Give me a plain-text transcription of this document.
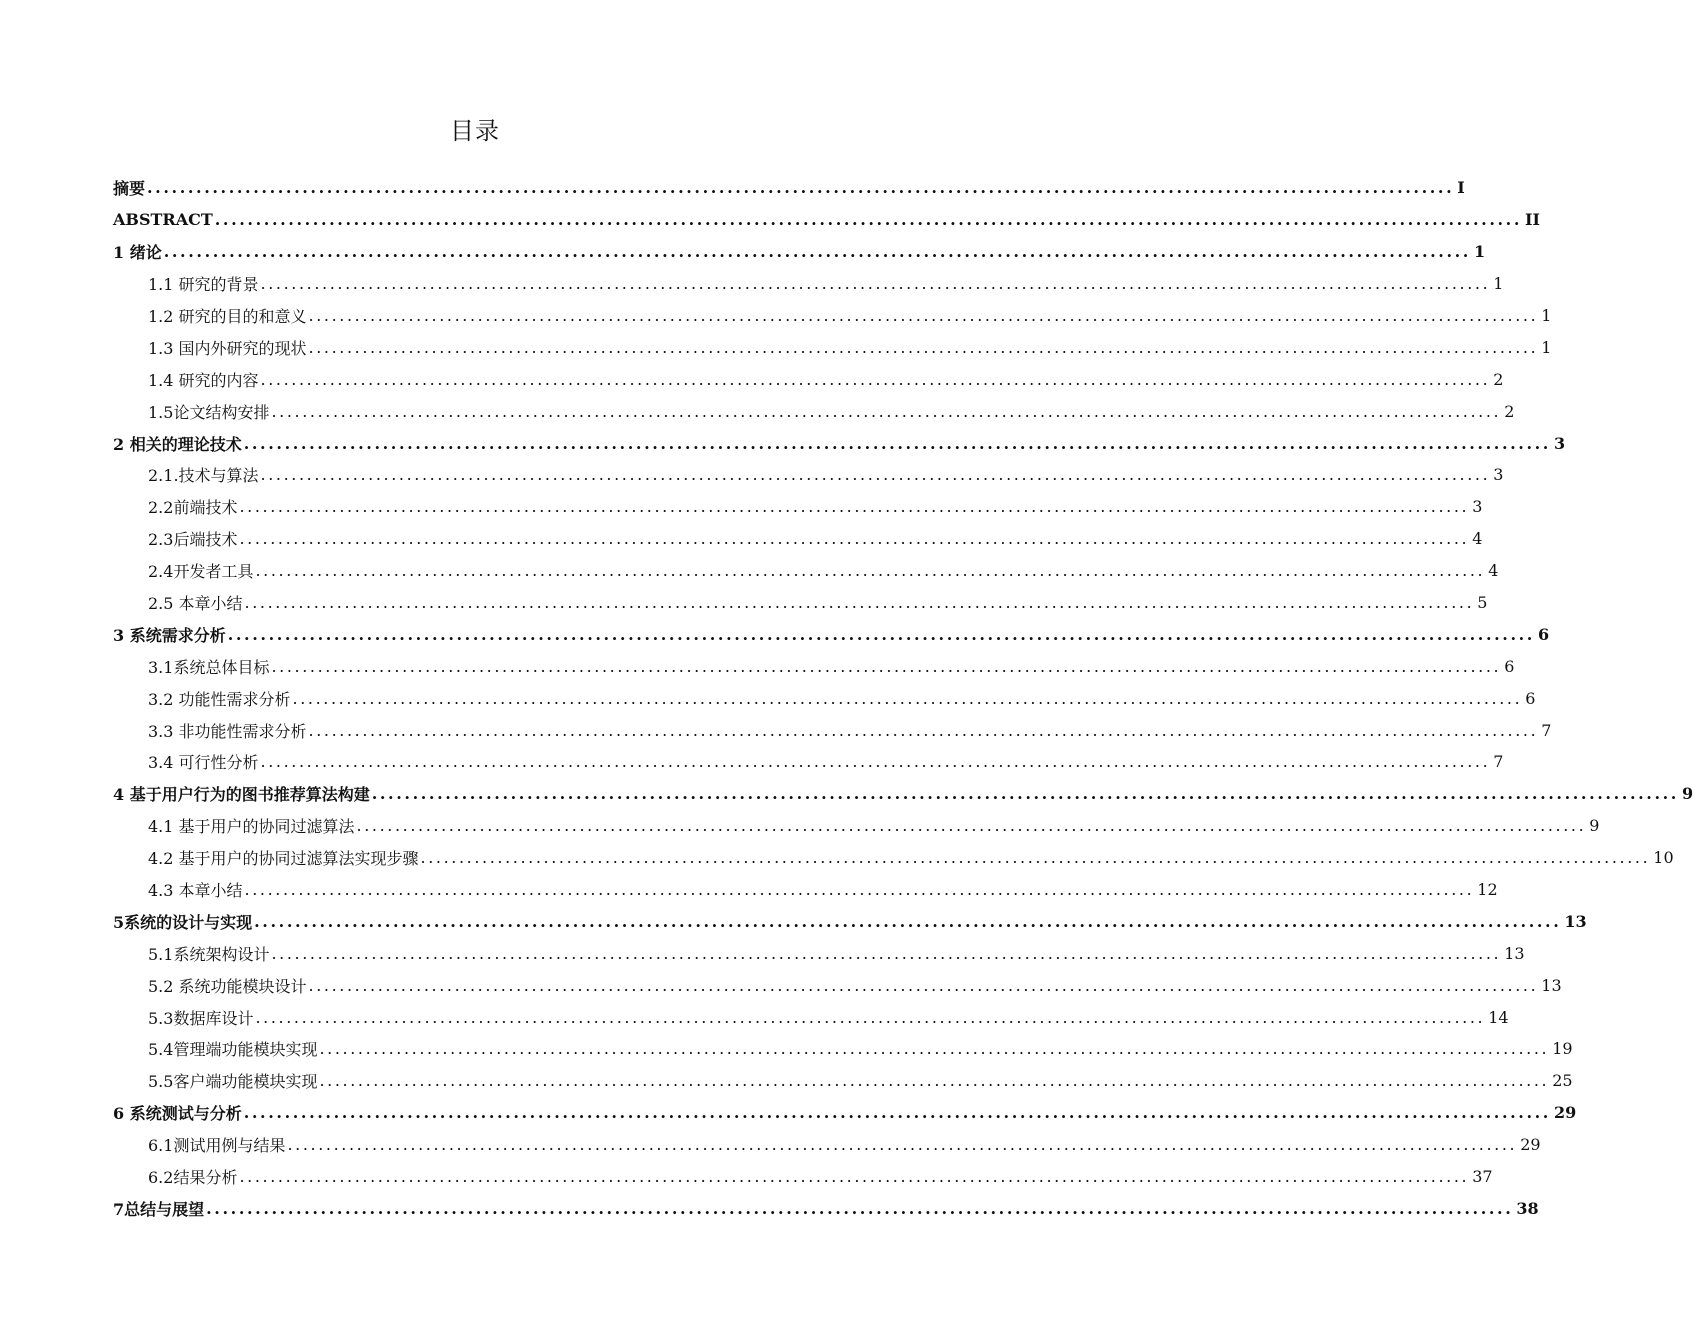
目录
摘要 ................................................................................................................................................................ I
ABSTRACT ................................................................................................................................................................ II
1 绪论 ................................................................................................................................................................ 1
1.1 研究的背景 ................................................................................................................................................................ 1
1.2 研究的目的和意义 ................................................................................................................................................................ 1
1.3 国内外研究的现状 ................................................................................................................................................................ 1
1.4 研究的内容 ................................................................................................................................................................ 2
1.5论文结构安排 ................................................................................................................................................................ 2
2 相关的理论技术 ................................................................................................................................................................ 3
2.1.技术与算法 ................................................................................................................................................................ 3
2.2前端技术 ................................................................................................................................................................ 3
2.3后端技术 ................................................................................................................................................................ 4
2.4开发者工具 ................................................................................................................................................................ 4
2.5 本章小结 ................................................................................................................................................................ 5
3 系统需求分析 ................................................................................................................................................................ 6
3.1系统总体目标 ................................................................................................................................................................ 6
3.2 功能性需求分析 ................................................................................................................................................................ 6
3.3 非功能性需求分析 ................................................................................................................................................................ 7
3.4 可行性分析 ................................................................................................................................................................ 7
4 基于用户行为的图书推荐算法构建 ................................................................................................................................................................ 9
4.1 基于用户的协同过滤算法 ................................................................................................................................................................ 9
4.2 基于用户的协同过滤算法实现步骤 ................................................................................................................................................................ 10
4.3 本章小结 ................................................................................................................................................................ 12
5系统的设计与实现 ................................................................................................................................................................ 13
5.1系统架构设计 ................................................................................................................................................................ 13
5.2 系统功能模块设计 ................................................................................................................................................................ 13
5.3数据库设计 ................................................................................................................................................................ 14
5.4管理端功能模块实现 ................................................................................................................................................................ 19
5.5客户端功能模块实现 ................................................................................................................................................................ 25
6 系统测试与分析 ................................................................................................................................................................ 29
6.1测试用例与结果 ................................................................................................................................................................ 29
6.2结果分析 ................................................................................................................................................................ 37
7总结与展望 ................................................................................................................................................................ 38
